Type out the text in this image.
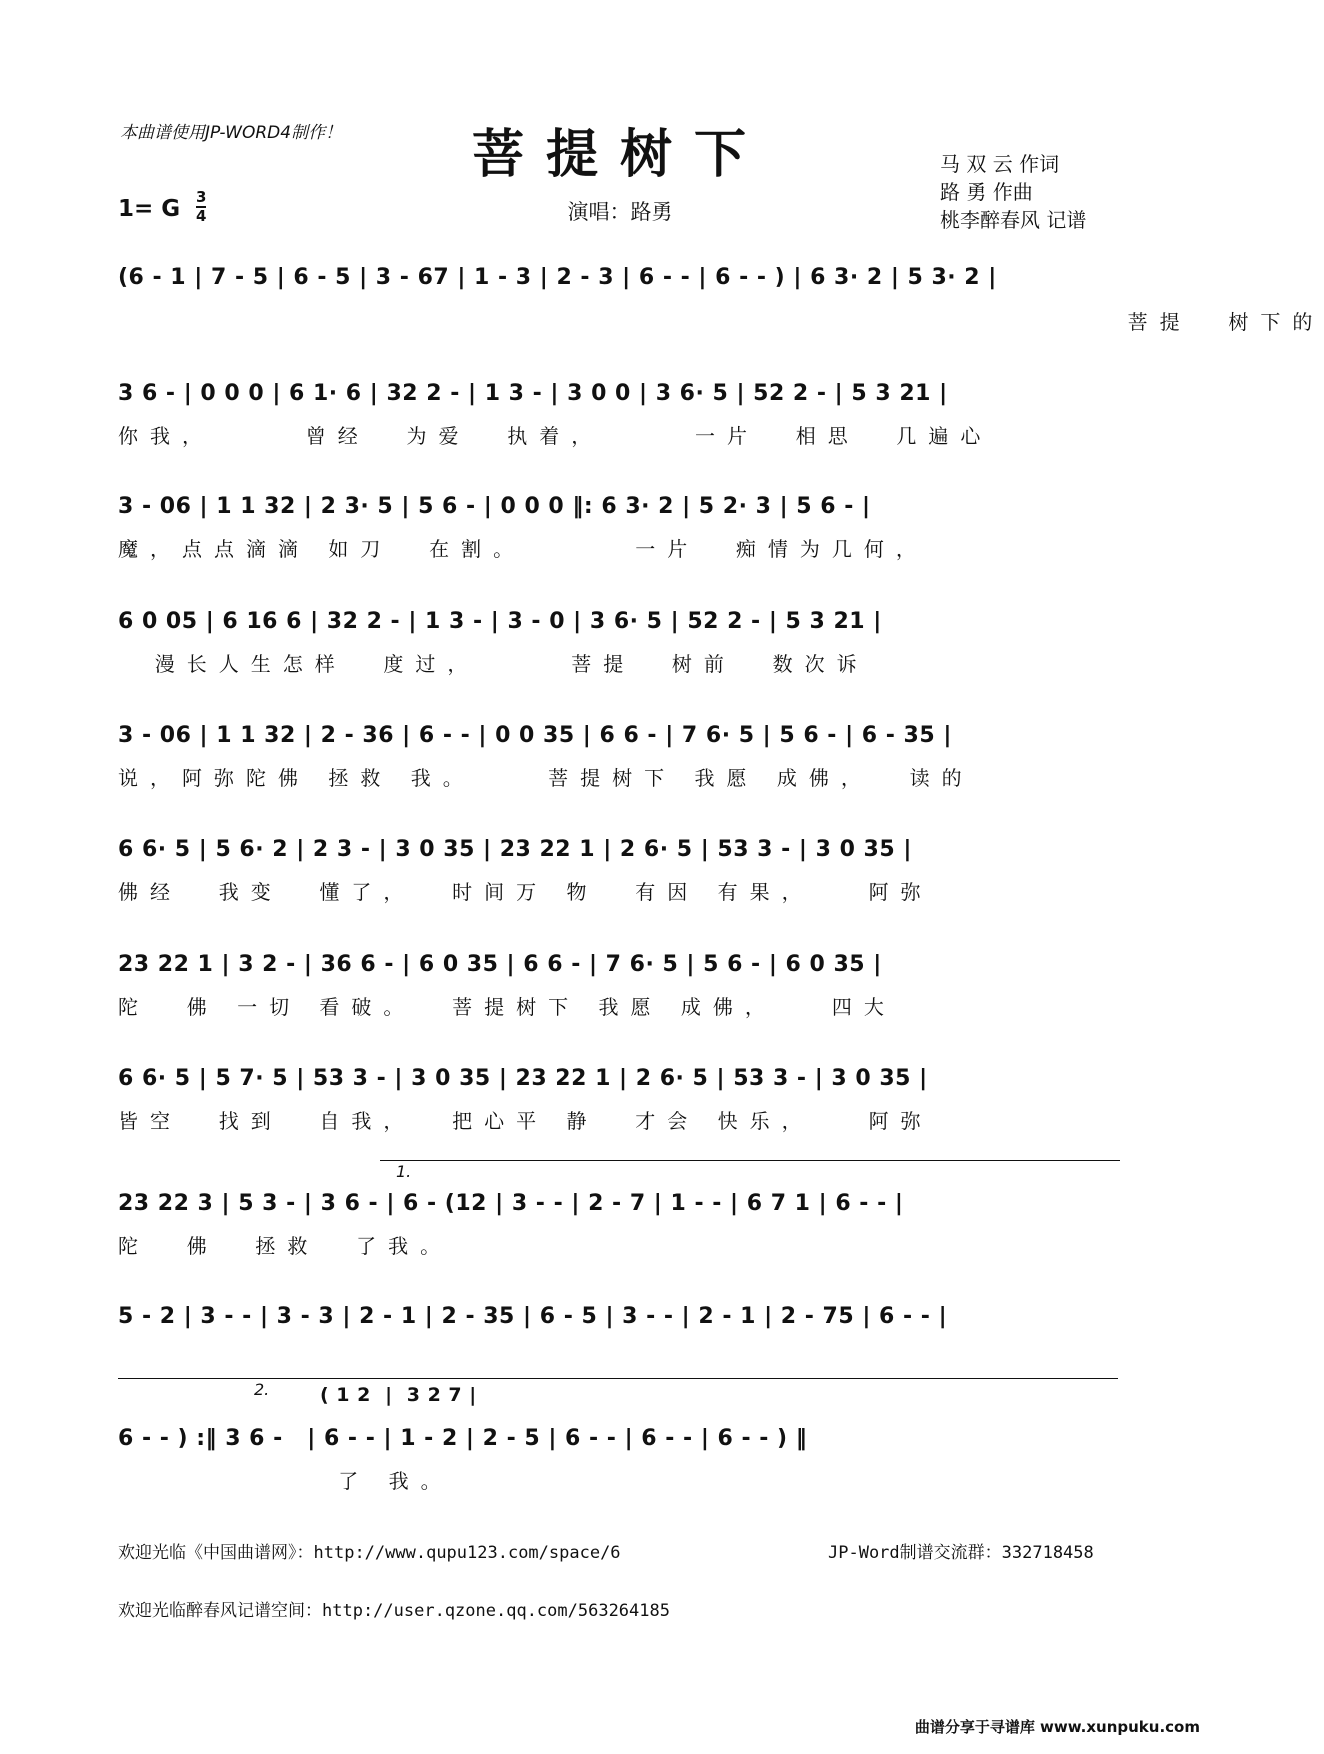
本曲谱使用JP-WORD4制作！	菩提树下
1= G 3
4	演唱：路勇
马 双 云 作词
路 勇 作曲
桃李醉春风 记谱
(6 - 1 | 7 - 5 | 6 - 5 | 3 - 67 | 1 - 3 | 2 - 3 | 6 - - | 6 - - ) | 6 3· 2 | 5 3· 2 |
菩提  树下的
3 6 - | 0 0 0 | 6 1· 6 | 32 2 - | 1 3 - | 3 0 0 | 3 6· 5 | 52 2 - | 5 3 21 |
你我，     曾经  为爱  执着，     一片  相思  几遍心
3 - 06 | 1 1 32 | 2 3· 5 | 5 6 - | 0 0 0 ‖: 6 3· 2 | 5 2· 3 | 5 6 - |
魔，点点滴滴 如刀  在割。      一片  痴情为几何，
6 0 05 | 6 16 6 | 32 2 - | 1 3 - | 3 - 0 | 3 6· 5 | 52 2 - | 5 3 21 |
漫长人生怎样  度过，     菩提  树前  数次诉
3 - 06 | 1 1 32 | 2 - 36 | 6 - - | 0 0 35 | 6 6 - | 7 6· 5 | 5 6 - | 6 - 35 |
说，阿弥陀佛 拯救 我。    菩提树下 我愿 成佛，  读的
6 6· 5 | 5 6· 2 | 2 3 - | 3 0 35 | 23 22 1 | 2 6· 5 | 53 3 - | 3 0 35 |
佛经  我变  懂了，  时间万 物  有因 有果，   阿弥
23 22 1 | 3 2 - | 36 6 - | 6 0 35 | 6 6 - | 7 6· 5 | 5 6 - | 6 0 35 |
陀  佛 一切 看破。  菩提树下 我愿 成佛，   四大
6 6· 5 | 5 7· 5 | 53 3 - | 3 0 35 | 23 22 1 | 2 6· 5 | 53 3 - | 3 0 35 |
皆空  找到  自我，  把心平 静  才会 快乐，   阿弥
1.
23 22 3 | 5 3 - | 3 6 - | 6 - (12 | 3 - - | 2 - 7 | 1 - - | 6 7 1 | 6 - - |
陀  佛  拯救  了我。
5 - 2 | 3 - - | 3 - 3 | 2 - 1 | 2 - 35 | 6 - 5 | 3 - - | 2 - 1 | 2 - 75 | 6 - - |
2.	( 1 2  |  3 2 7 |
6 - - ) :‖ 3 6 -   | 6 - - | 1 - 2 | 2 - 5 | 6 - - | 6 - - | 6 - - ) ‖
了 我。
欢迎光临《中国曲谱网》：http://www.qupu123.com/space/6	JP-Word制谱交流群：332718458
欢迎光临醉春风记谱空间：http://user.qzone.qq.com/563264185
曲谱分享于寻谱库 www.xunpuku.com
